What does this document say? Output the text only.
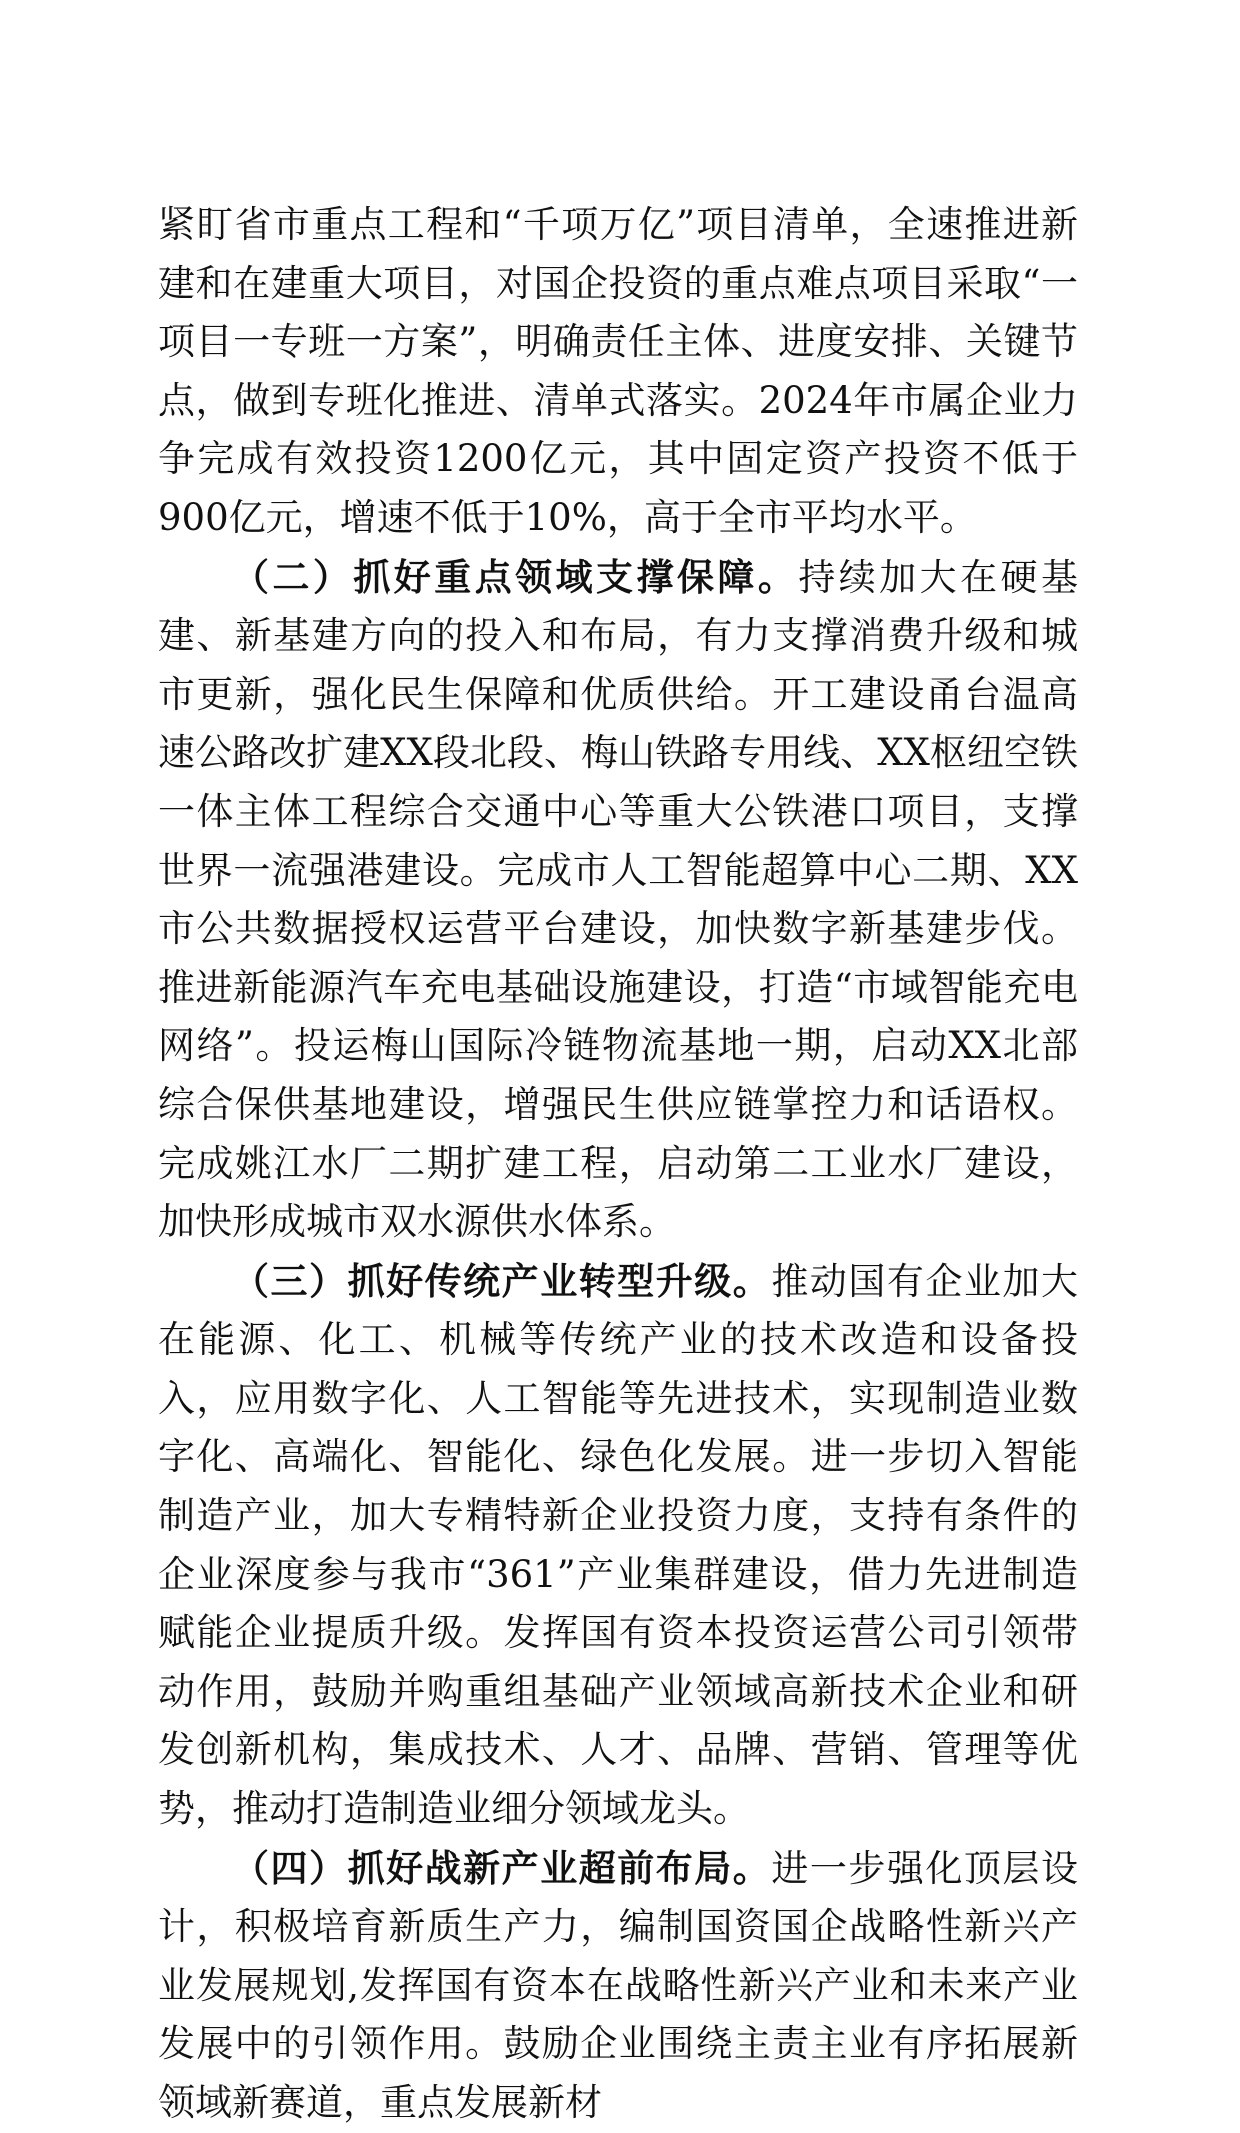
紧盯省市重点工程和“千项万亿”项目清单，全速推进新建和在建重大项目，对国企投资的重点难点项目采取“一项目一专班一方案”，明确责任主体、进度安排、关键节点，做到专班化推进、清单式落实。2024年市属企业力争完成有效投资1200亿元，其中固定资产投资不低于900亿元，增速不低于10%，高于全市平均水平。

（二）抓好重点领域支撑保障。持续加大在硬基建、新基建方向的投入和布局，有力支撑消费升级和城市更新，强化民生保障和优质供给。开工建设甬台温高速公路改扩建XX段北段、梅山铁路专用线、XX枢纽空铁一体主体工程综合交通中心等重大公铁港口项目，支撑世界一流强港建设。完成市人工智能超算中心二期、XX市公共数据授权运营平台建设，加快数字新基建步伐。推进新能源汽车充电基础设施建设，打造“市域智能充电网络”。投运梅山国际冷链物流基地一期，启动XX北部综合保供基地建设，增强民生供应链掌控力和话语权。完成姚江水厂二期扩建工程，启动第二工业水厂建设，加快形成城市双水源供水体系。

（三）抓好传统产业转型升级。推动国有企业加大在能源、化工、机械等传统产业的技术改造和设备投入，应用数字化、人工智能等先进技术，实现制造业数字化、高端化、智能化、绿色化发展。进一步切入智能制造产业，加大专精特新企业投资力度，支持有条件的企业深度参与我市“361”产业集群建设，借力先进制造赋能企业提质升级。发挥国有资本投资运营公司引领带动作用，鼓励并购重组基础产业领域高新技术企业和研发创新机构，集成技术、人才、品牌、营销、管理等优势，推动打造制造业细分领域龙头。

（四）抓好战新产业超前布局。进一步强化顶层设计，积极培育新质生产力，编制国资国企战略性新兴产业发展规划,发挥国有资本在战略性新兴产业和未来产业发展中的引领作用。鼓励企业围绕主责主业有序拓展新领域新赛道，重点发展新材
